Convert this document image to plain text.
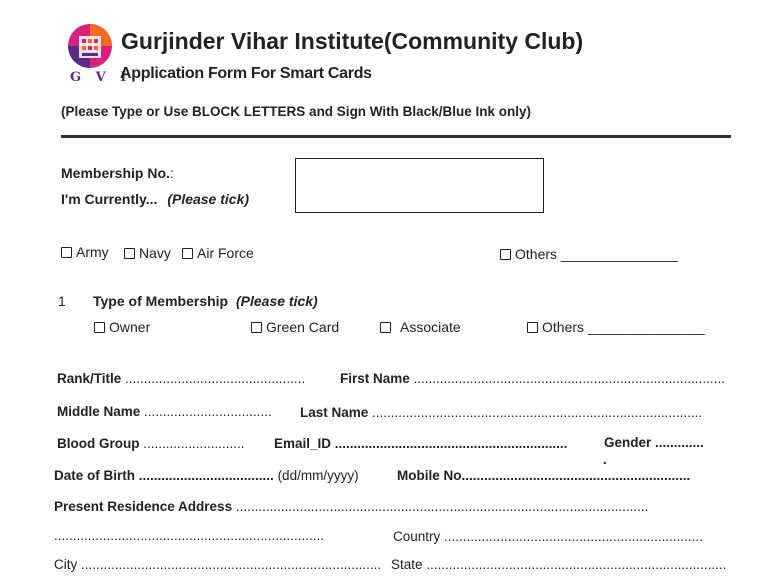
G V I
Gurjinder Vihar Institute(Community Club)
Application Form For Smart Cards
(Please Type or Use BLOCK LETTERS and Sign With Black/Blue Ink only)
Membership No.:
I'm Currently... (Please tick)
Army	Navy	Air Force	Others _______________
1 Type of Membership (Please tick)
Owner	Green Card	Associate	Others _______________
Rank/Title ................................................	First Name ...................................................................................
Middle Name .................................. Last Name ........................................................................................
Blood Group ........................... Email_ID ..............................................................	Gender .............
.
Date of Birth .................................... (dd/mm/yyyy)	Mobile No.............................................................
Present Residence Address ..............................................................................................................
........................................................................	Country .....................................................................
City ................................................................................ State ................................................................................
